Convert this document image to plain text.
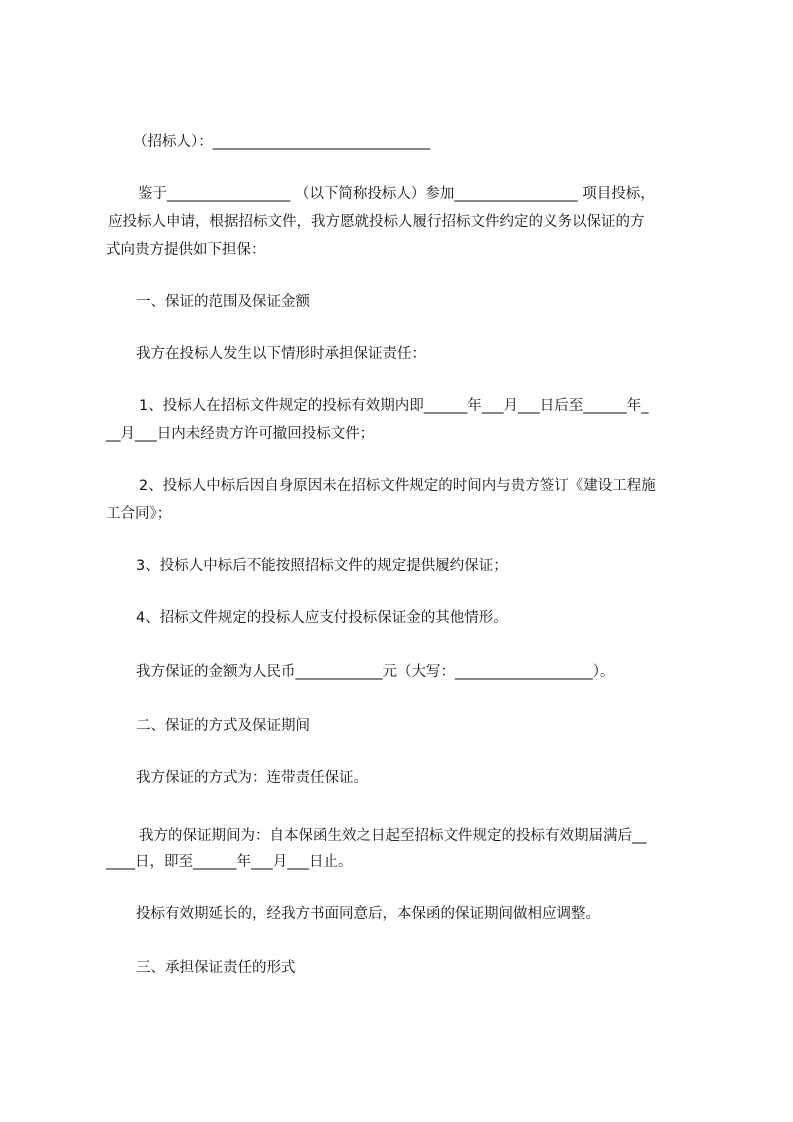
（招标人）：______________________________
鉴于_________________ （以下简称投标人）参加_________________ 项目投标，
应投标人申请，根据招标文件，我方愿就投标人履行招标文件约定的义务以保证的方
式向贵方提供如下担保：
一、保证的范围及保证金额
我方在投标人发生以下情形时承担保证责任：
1、投标人在招标文件规定的投标有效期内即______年___月___日后至______年_
__月___日内未经贵方许可撤回投标文件；
2、投标人中标后因自身原因未在招标文件规定的时间内与贵方签订《建设工程施
工合同》；
3、投标人中标后不能按照招标文件的规定提供履约保证；
4、招标文件规定的投标人应支付投标保证金的其他情形。
我方保证的金额为人民币____________元（大写：___________________）。
二、保证的方式及保证期间
我方保证的方式为：连带责任保证。
我方的保证期间为：自本保函生效之日起至招标文件规定的投标有效期届满后__
____日，即至______年___月___日止。
投标有效期延长的，经我方书面同意后，本保函的保证期间做相应调整。
三、承担保证责任的形式
